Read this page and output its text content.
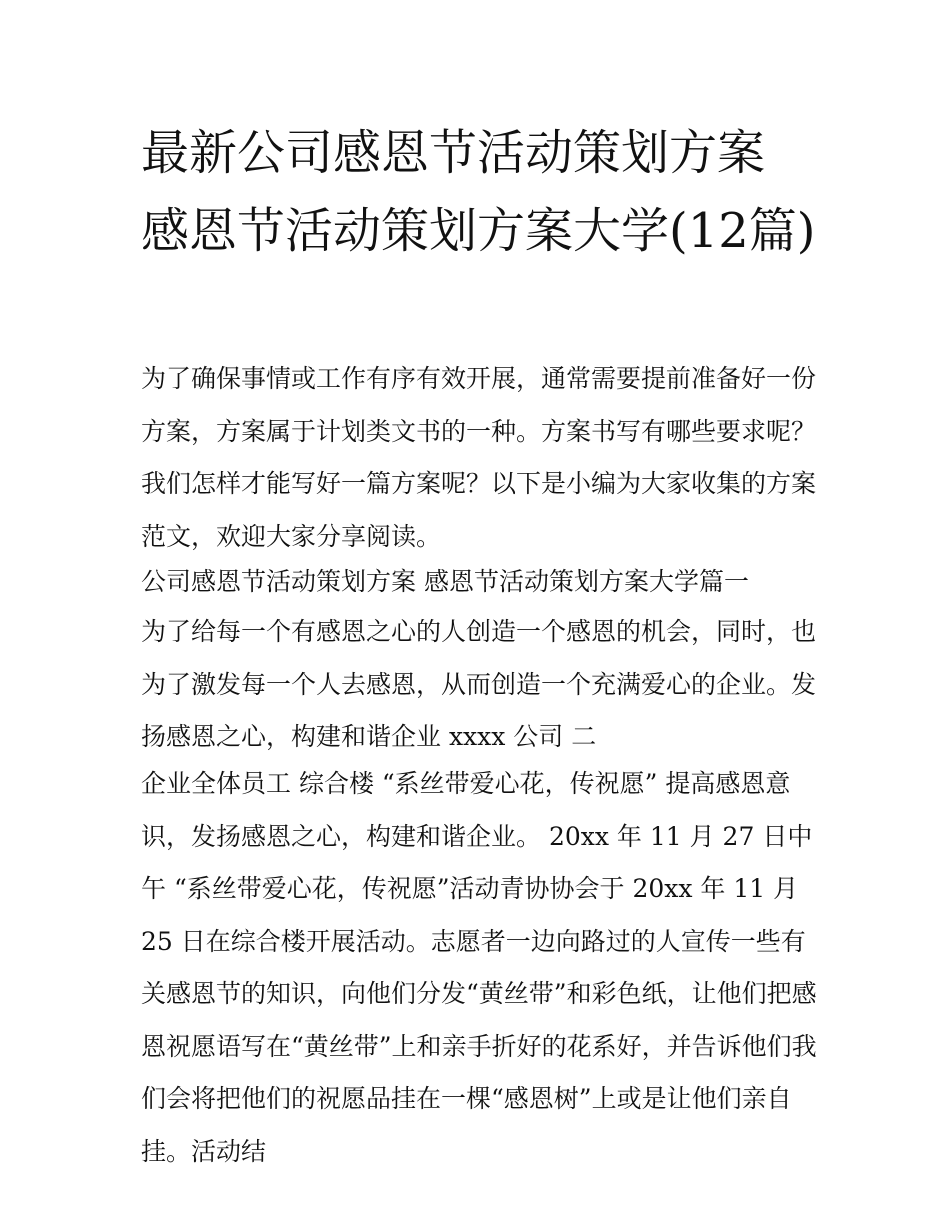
最新公司感恩节活动策划方案 感恩节活动策划方案大学(12篇)

为了确保事情或工作有序有效开展，通常需要提前准备好一份方案，方案属于计划类文书的一种。方案书写有哪些要求呢？我们怎样才能写好一篇方案呢？以下是小编为大家收集的方案范文，欢迎大家分享阅读。

公司感恩节活动策划方案 感恩节活动策划方案大学篇一

为了给每一个有感恩之心的人创造一个感恩的机会，同时，也为了激发每一个人去感恩，从而创造一个充满爱心的企业。发扬感恩之心，构建和谐企业 xxxx 公司 二

企业全体员工 综合楼 “系丝带爱心花，传祝愿” 提高感恩意识，发扬感恩之心，构建和谐企业。 20xx 年 11 月 27 日中午 “系丝带爱心花，传祝愿”活动青协协会于 20xx 年 11 月 25 日在综合楼开展活动。志愿者一边向路过的人宣传一些有关感恩节的知识，向他们分发“黄丝带”和彩色纸，让他们把感恩祝愿语写在“黄丝带”上和亲手折好的花系好，并告诉他们我们会将把他们的祝愿品挂在一棵“感恩树”上或是让他们亲自挂。活动结
